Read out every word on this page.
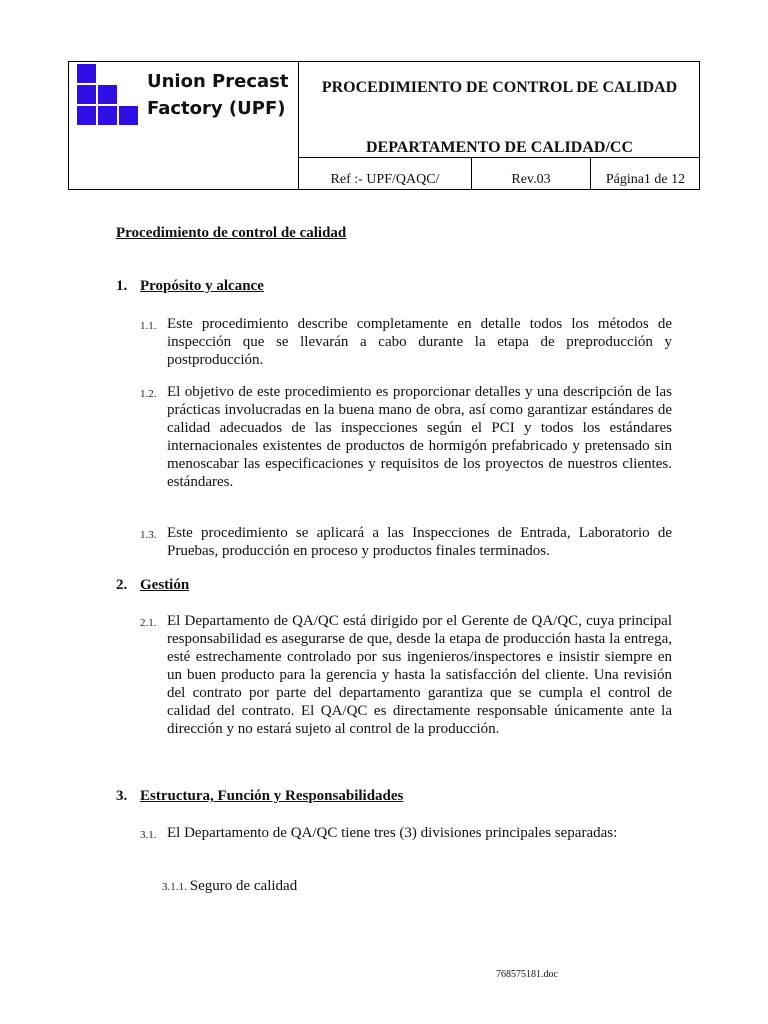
Union Precast Factory (UPF)
PROCEDIMIENTO DE CONTROL DE CALIDAD
DEPARTAMENTO DE CALIDAD/CC
Ref :- UPF/QAQC/	Rev.03	Página1 de 12
Procedimiento de control de calidad
1. Propósito y alcance
1.1. Este procedimiento describe completamente en detalle todos los métodos de inspección que se llevarán a cabo durante la etapa de preproducción y postproducción.
1.2. El objetivo de este procedimiento es proporcionar detalles y una descripción de las prácticas involucradas en la buena mano de obra, así como garantizar estándares de calidad adecuados de las inspecciones según el PCI y todos los estándares internacionales existentes de productos de hormigón prefabricado y pretensado sin menoscabar las especificaciones y requisitos de los proyectos de nuestros clientes. estándares.
1.3. Este procedimiento se aplicará a las Inspecciones de Entrada, Laboratorio de Pruebas, producción en proceso y productos finales terminados.
2. Gestión
2.1. El Departamento de QA/QC está dirigido por el Gerente de QA/QC, cuya principal responsabilidad es asegurarse de que, desde la etapa de producción hasta la entrega, esté estrechamente controlado por sus ingenieros/inspectores e insistir siempre en un buen producto para la gerencia y hasta la satisfacción del cliente. Una revisión del contrato por parte del departamento garantiza que se cumpla el control de calidad del contrato. El QA/QC es directamente responsable únicamente ante la dirección y no estará sujeto al control de la producción.
3. Estructura, Función y Responsabilidades
3.1. El Departamento de QA/QC tiene tres (3) divisiones principales separadas:
3.1.1. Seguro de calidad
768575181.doc
